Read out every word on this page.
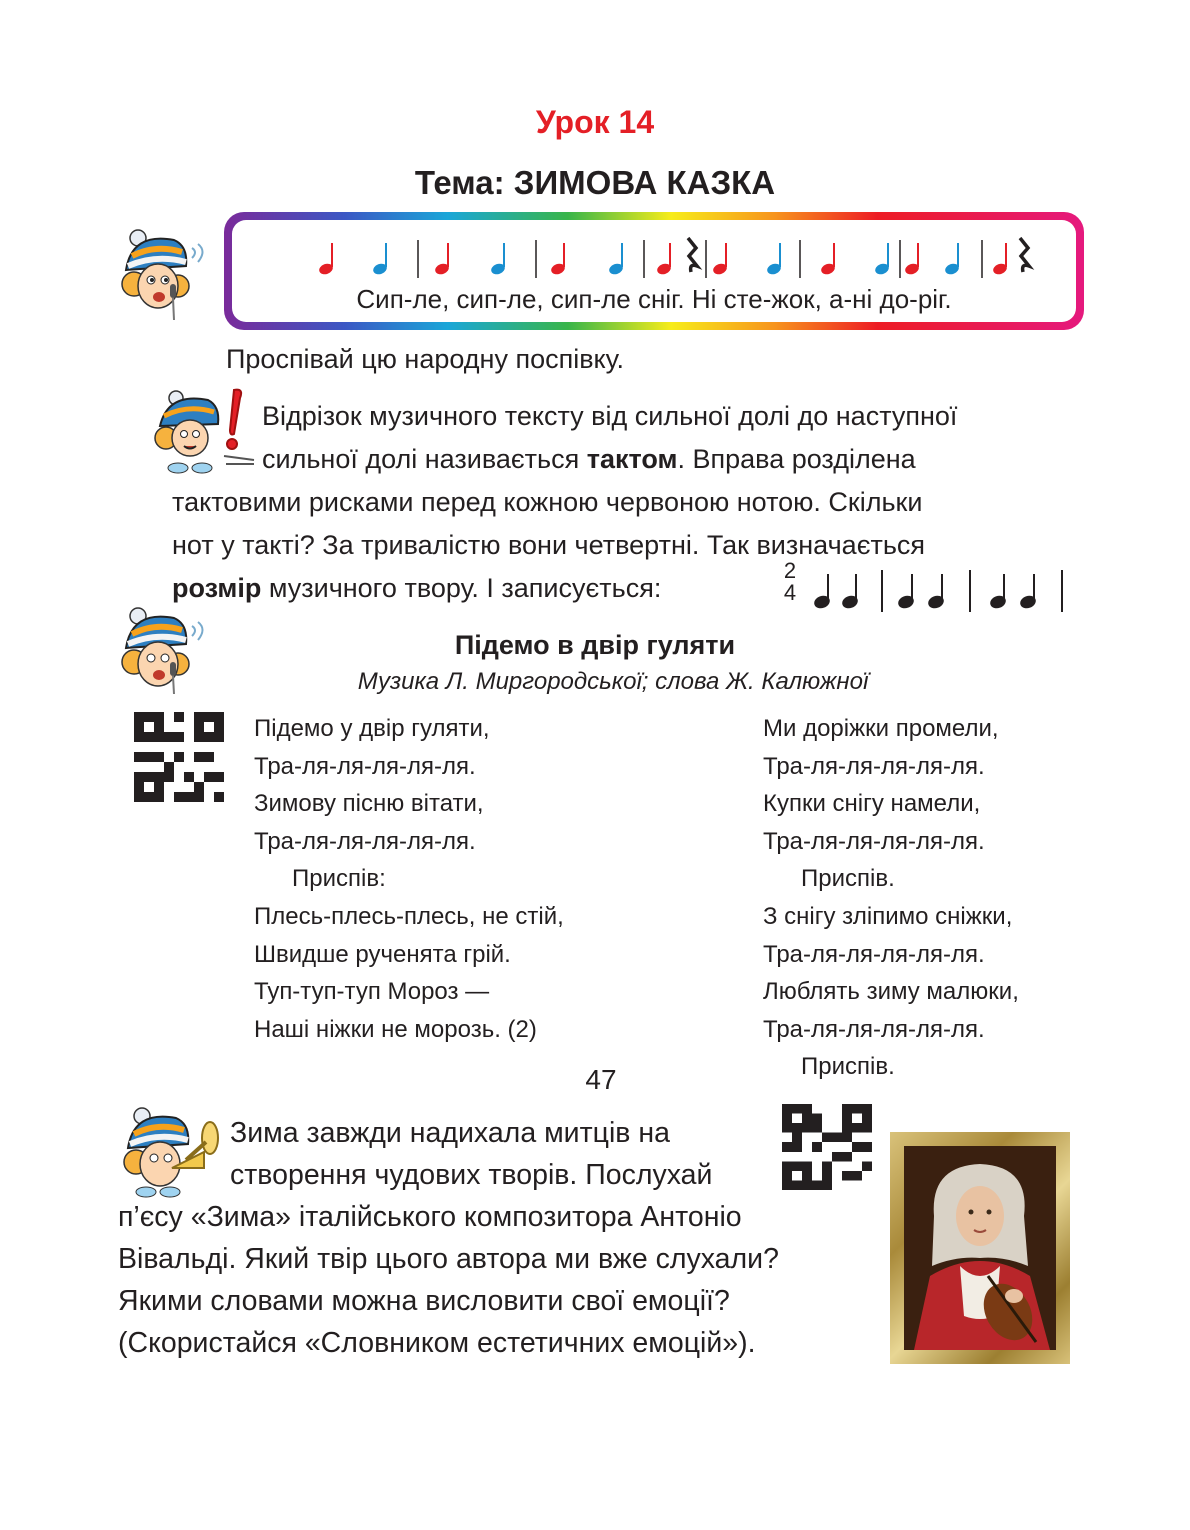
Урок 14
Тема: ЗИМОВА КАЗКА
Сип-ле, сип-ле, сип-ле сніг. Ні сте-жок, а-ні до-ріг.
Проспівай цю народну поспівку.
Відрізок музичного тексту від сильної долі до наступної
сильної долі називається тактом. Вправа розділена
тактовими рисками перед кожною червоною нотою. Скільки
нот у такті? За тривалістю вони четвертні. Так визначається
розмір музичного твору. І записується:
2
4
Підемо в двір гуляти
Музика Л. Миргородської; слова Ж. Калюжної
Підемо у двір гуляти,
Тра-ля-ля-ля-ля-ля.
Зимову пісню вітати,
Тра-ля-ля-ля-ля-ля.
Приспів:
Плесь-плесь-плесь, не стій,
Швидше рученята грій.
Туп-туп-туп Мороз —
Наші ніжки не морозь. (2)
Ми доріжки промели,
Тра-ля-ля-ля-ля-ля.
Купки снігу намели,
Тра-ля-ля-ля-ля-ля.
Приспів.
З снігу зліпимо сніжки,
Тра-ля-ля-ля-ля-ля.
Люблять зиму малюки,
Тра-ля-ля-ля-ля-ля.
Приспів.
Зима завжди надихала митців на
створення чудових творів. Послухай
п’єсу «Зима» італійського композитора Антоніо
Вівальді. Який твір цього автора ми вже слухали?
Якими словами можна висловити свої емоції?
(Скористайся «Словником естетичних емоцій»).
47
